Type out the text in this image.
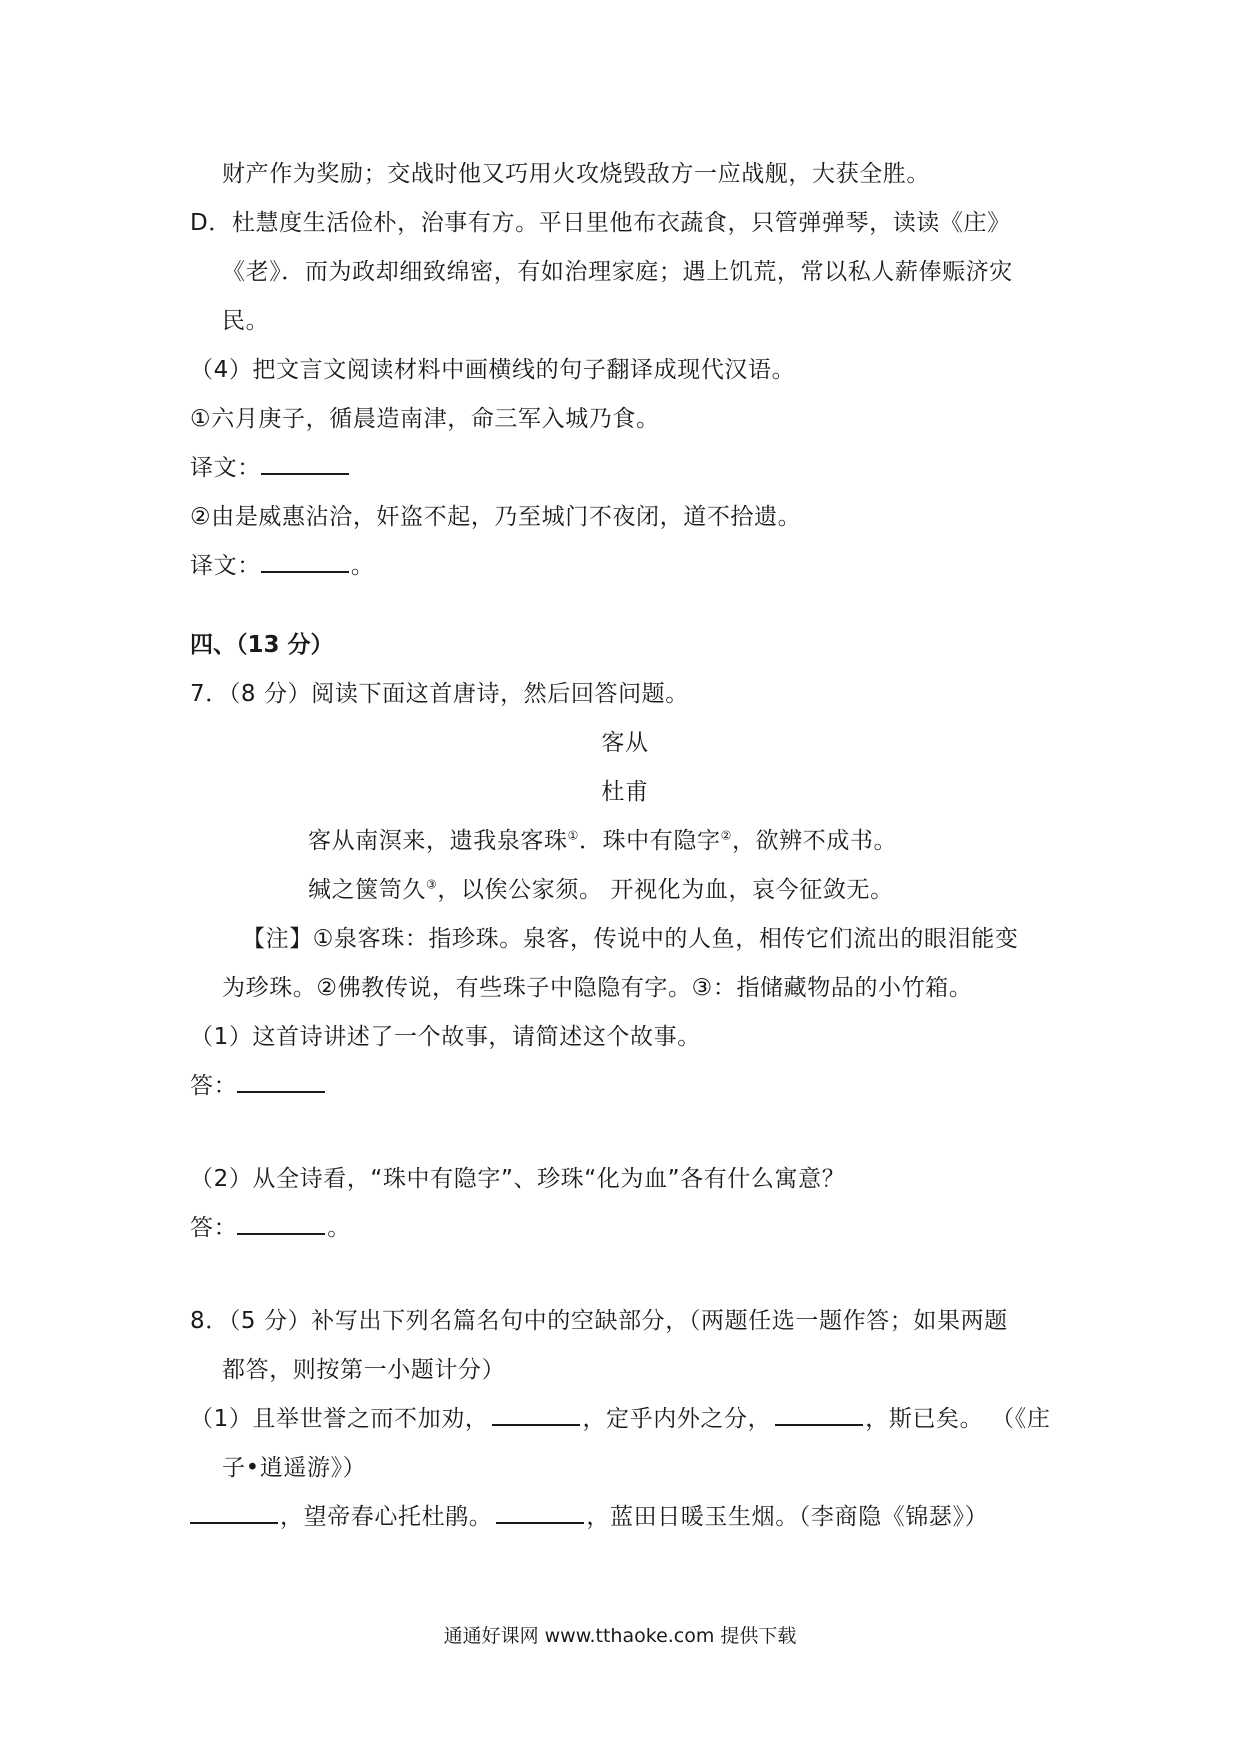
财产作为奖励；交战时他又巧用火攻烧毁敌方一应战舰，大获全胜。
D．杜慧度生活俭朴，治事有方。平日里他布衣蔬食，只管弹弹琴，读读《庄》
《老》．而为政却细致绵密，有如治理家庭；遇上饥荒，常以私人薪俸赈济灾
民。
（4）把文言文阅读材料中画横线的句子翻译成现代汉语。
①六月庚子，循晨造南津，命三军入城乃食。
译文：
②由是威惠沾洽，奸盗不起，乃至城门不夜闭，道不拾遗。
译文：	。
四、（13 分）
7．（8 分）阅读下面这首唐诗，然后回答问题。
客从
杜甫
客从南溟来，遗我泉客珠①．珠中有隐字②，欲辨不成书。
缄之箧笥久③，以俟公家须。 开视化为血，哀今征敛无。
【注】①泉客珠：指珍珠。泉客，传说中的人鱼，相传它们流出的眼泪能变
为珍珠。②佛教传说，有些珠子中隐隐有字。③：指储藏物品的小竹箱。
（1）这首诗讲述了一个故事，请简述这个故事。
答：
（2）从全诗看，“珠中有隐字”、珍珠“化为血”各有什么寓意？
答：	。
8．（5 分）补写出下列名篇名句中的空缺部分，（两题任选一题作答；如果两题
都答，则按第一小题计分）
（1）且举世誉之而不加劝，	，定乎内外之分，	，斯已矣。 （《庄
子•逍遥游》）
，望帝春心托杜鹃。	，蓝田日暖玉生烟。（李商隐《锦瑟》）
通通好课网 www.tthaoke.com 提供下载
